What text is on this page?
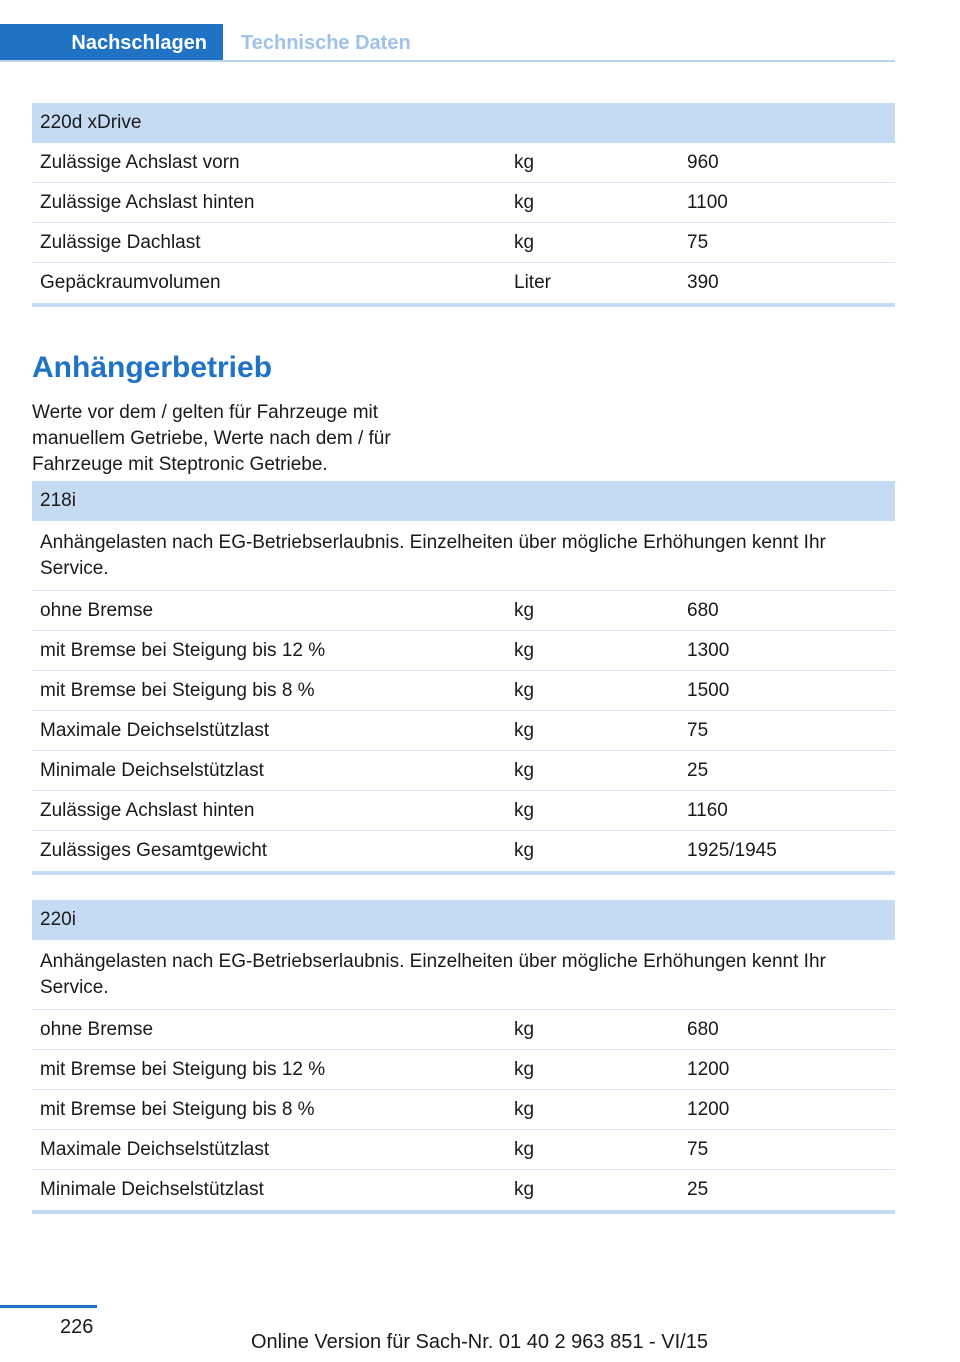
Nachschlagen	Technische Daten
220d xDrive
Zulässige Achslast vorn	kg	960
Zulässige Achslast hinten	kg	1100
Zulässige Dachlast	kg	75
Gepäckraumvolumen	Liter	390
Anhängerbetrieb
Werte vor dem / gelten für Fahrzeuge mit manuellem Getriebe, Werte nach dem / für Fahrzeuge mit Steptronic Getriebe.
218i
Anhängelasten nach EG-Betriebserlaubnis. Einzelheiten über mögliche Erhöhungen kennt Ihr Service.
ohne Bremse	kg	680
mit Bremse bei Steigung bis 12 %	kg	1300
mit Bremse bei Steigung bis 8 %	kg	1500
Maximale Deichselstützlast	kg	75
Minimale Deichselstützlast	kg	25
Zulässige Achslast hinten	kg	1160
Zulässiges Gesamtgewicht	kg	1925/1945
220i
Anhängelasten nach EG-Betriebserlaubnis. Einzelheiten über mögliche Erhöhungen kennt Ihr Service.
ohne Bremse	kg	680
mit Bremse bei Steigung bis 12 %	kg	1200
mit Bremse bei Steigung bis 8 %	kg	1200
Maximale Deichselstützlast	kg	75
Minimale Deichselstützlast	kg	25
226
Online Version für Sach-Nr. 01 40 2 963 851 - VI/15
